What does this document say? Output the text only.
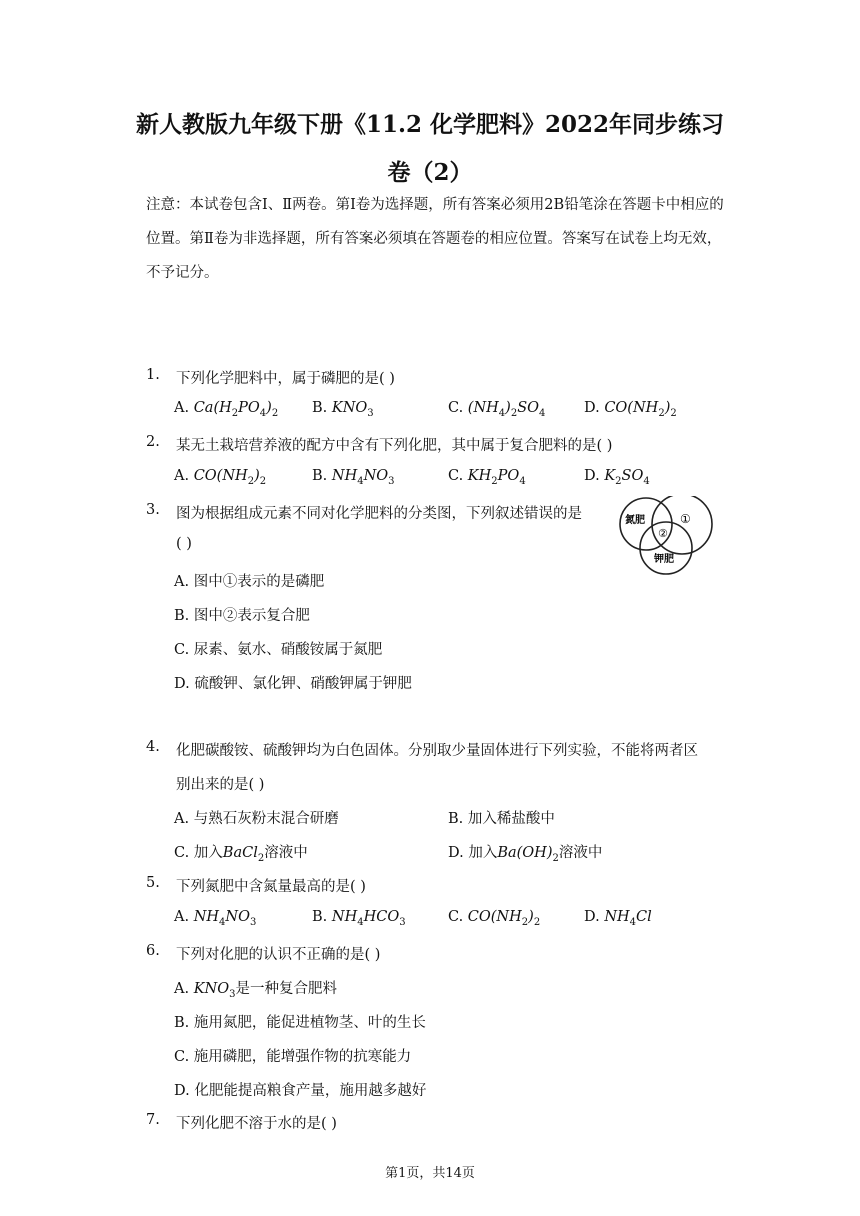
新人教版九年级下册《11.2 化学肥料》2022年同步练习
卷（2）
注意：本试卷包含Ⅰ、Ⅱ两卷。第Ⅰ卷为选择题，所有答案必须用2B铅笔涂在答题卡中相应的位置。第Ⅱ卷为非选择题，所有答案必须填在答题卷的相应位置。答案写在试卷上均无效，不予记分。
1. 下列化学肥料中，属于磷肥的是( )
A. $Ca(H_2PO_4)_2$ B. $KNO_3$	C. $(NH_4)_2SO_4$	D. $CO(NH_2)_2$
2. 某无土栽培营养液的配方中含有下列化肥，其中属于复合肥料的是( )
A. $CO(NH_2)_2$	B. $NH_4NO_3$	C. $KH_2PO_4$	D. $K_2SO_4$
3. 图为根据组成元素不同对化学肥料的分类图，下列叙述错误的是
( )
氮肥	①
②
钾肥
A. 图中①表示的是磷肥
B. 图中②表示复合肥
C. 尿素、氨水、硝酸铵属于氮肥
D. 硫酸钾、氯化钾、硝酸钾属于钾肥
4. 化肥碳酸铵、硫酸钾均为白色固体。分别取少量固体进行下列实验，不能将两者区
别出来的是( )
A. 与熟石灰粉末混合研磨	B. 加入稀盐酸中
C. 加入BaCl$_2$溶液中	D. 加入$Ba(OH)_2$溶液中
5. 下列氮肥中含氮量最高的是( )
A. $NH_4NO_3$	B. $NH_4HCO_3$	C. $CO(NH_2)_2$	D. $NH_4Cl$
6. 下列对化肥的认识不正确的是( )
A. $KNO_3$是一种复合肥料
B. 施用氮肥，能促进植物茎、叶的生长
C. 施用磷肥，能增强作物的抗寒能力
D. 化肥能提高粮食产量，施用越多越好
7. 下列化肥不溶于水的是( )
第1页，共14页
